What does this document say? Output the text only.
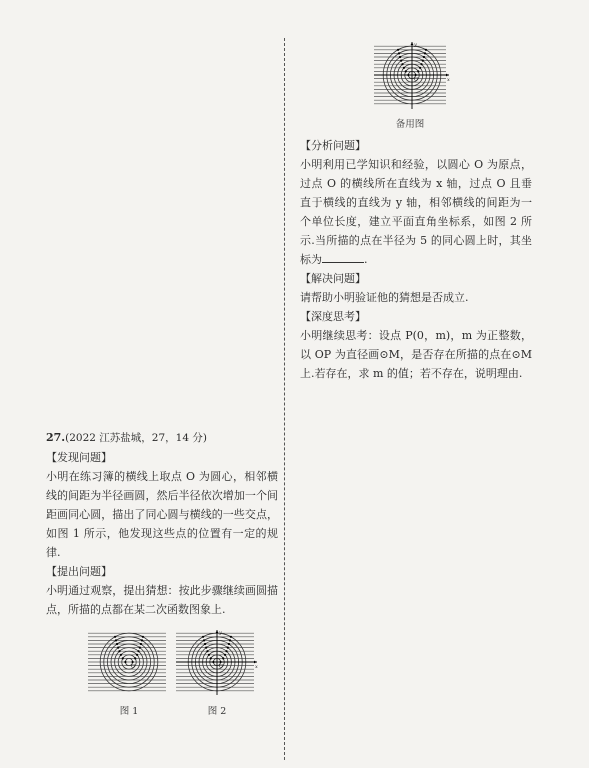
O	x
y
备用图
【分析问题】
小明利用已学知识和经验，以圆心 O 为原点，过点 O 的横线所在直线为 x 轴，过点 O 且垂直于横线的直线为 y 轴，相邻横线的间距为一个单位长度，建立平面直角坐标系，如图 2 所示.当所描的点在半径为 5 的同心圆上时，其坐标为	.
【解决问题】
请帮助小明验证他的猜想是否成立.
【深度思考】
小明继续思考：设点 P(0，m)，m 为正整数，以 OP 为直径画⊙M，是否存在所描的点在⊙M 上.若存在，求 m 的值；若不存在，说明理由.
27.(2022 江苏盐城，27，14 分)
【发现问题】
小明在练习簿的横线上取点 O 为圆心，相邻横线的间距为半径画圆，然后半径依次增加一个间距画同心圆，描出了同心圆与横线的一些交点，如图 1 所示，他发现这些点的位置有一定的规律.
【提出问题】
小明通过观察，提出猜想：按此步骤继续画圆描点，所描的点都在某二次函数图象上.
O
图 1
O	x
y
图 2
